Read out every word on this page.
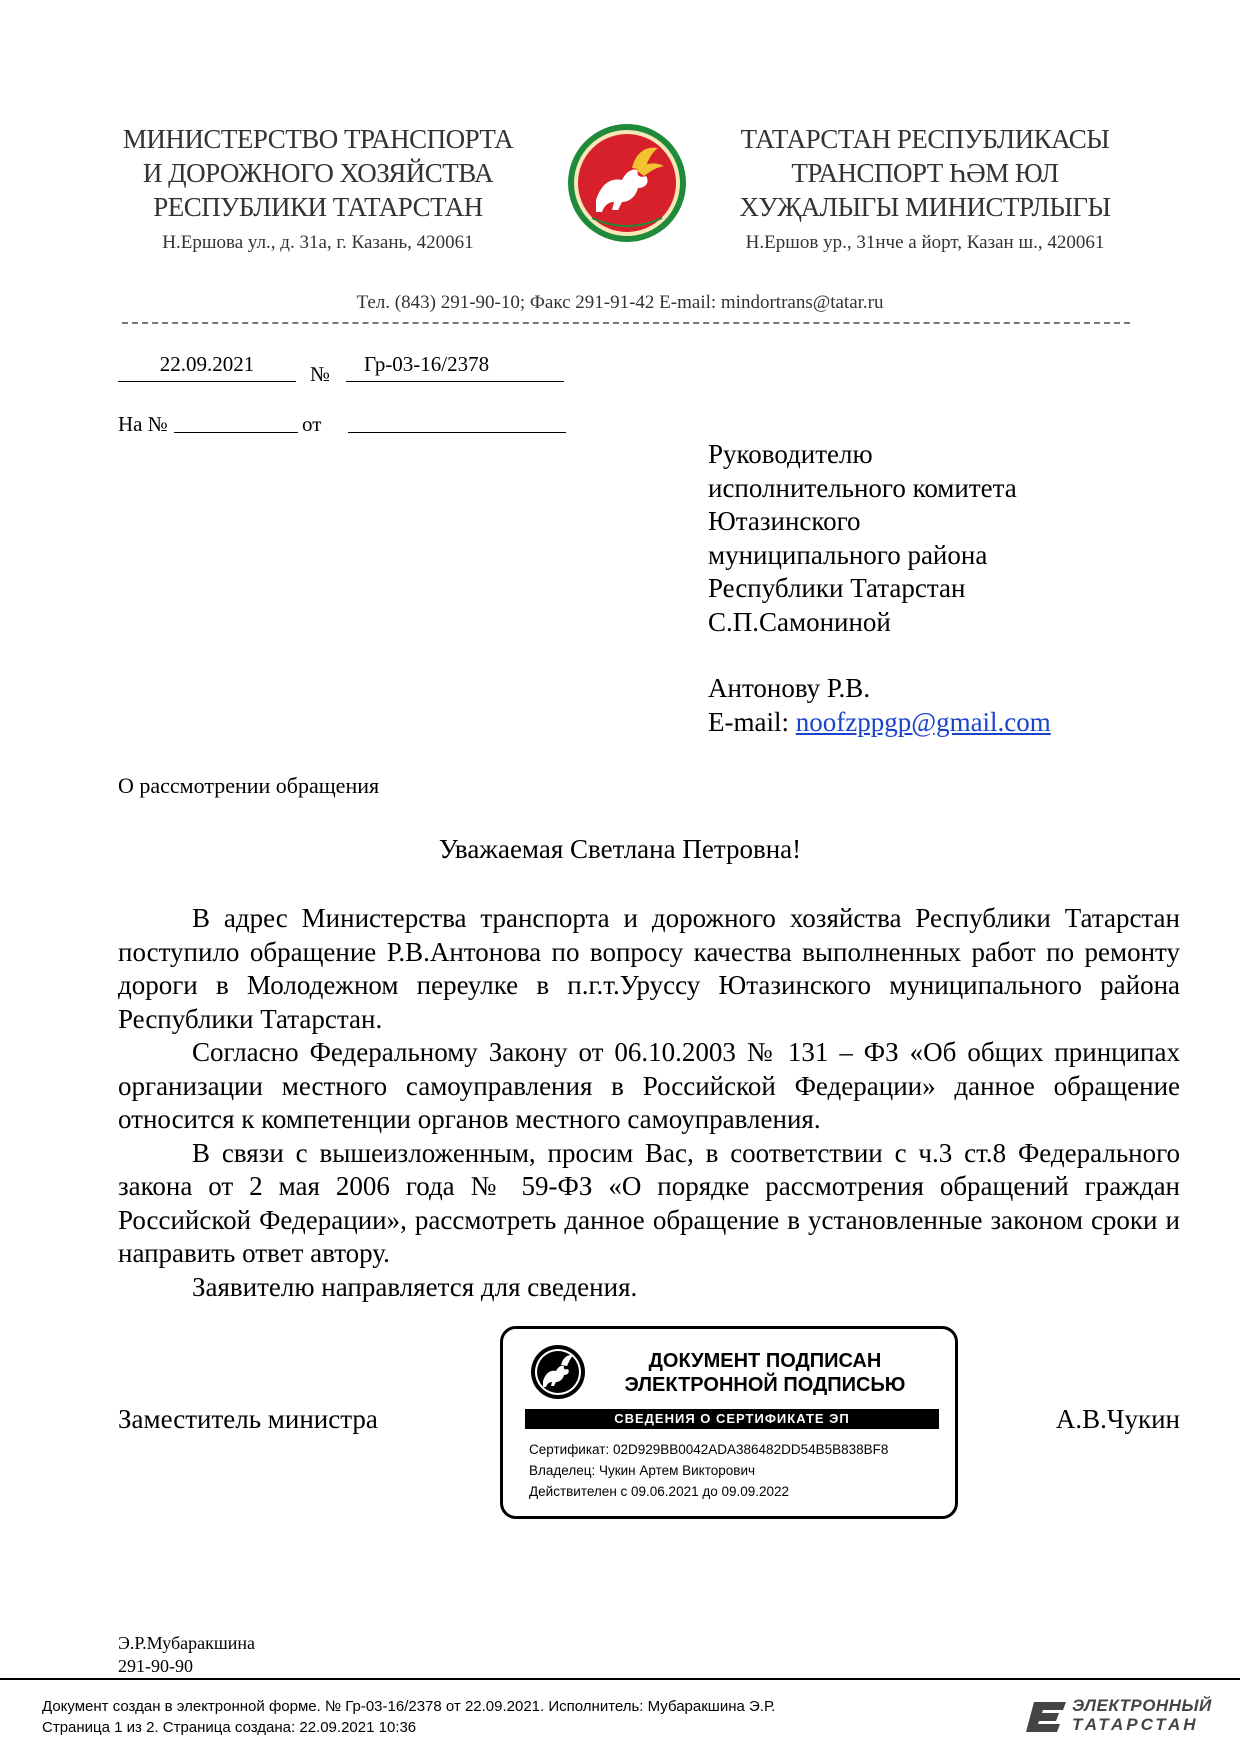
МИНИСТЕРСТВО ТРАНСПОРТА
И ДОРОЖНОГО ХОЗЯЙСТВА
РЕСПУБЛИКИ ТАТАРСТАН
Н.Ершова ул., д. 31а, г. Казань, 420061
ТАТАРСТАН РЕСПУБЛИКАСЫ
ТРАНСПОРТ ҺӘМ ЮЛ
ХУҖАЛЫГЫ МИНИСТРЛЫГЫ
Н.Ершов ур., 31нче а йорт, Казан ш., 420061
Тел. (843) 291-90-10; Факс 291-91-42 E-mail: mindortrans@tatar.ru
22.09.2021	№	Гр-03-16/2378
На №	от
Руководителю
исполнительного комитета
Ютазинского
муниципального района
Республики Татарстан
С.П.Самониной
Антонову Р.В.
E-mail: noofzppgp@gmail.com
О рассмотрении обращения
Уважаемая Светлана Петровна!

В адрес Министерства транспорта и дорожного хозяйства Республики Татарстан поступило обращение Р.В.Антонова по вопросу качества выполненных работ по ремонту дороги в Молодежном переулке в п.г.т.Уруссу Ютазинского муниципального района Республики Татарстан.

Согласно Федеральному Закону от 06.10.2003 № 131 – ФЗ «Об общих принципах организации местного самоуправления в Российской Федерации» данное обращение относится к компетенции органов местного самоуправления.

В связи с вышеизложенным, просим Вас, в соответствии с ч.3 ст.8 Федерального закона от 2 мая 2006 года № 59-ФЗ «О порядке рассмотрения обращений граждан Российской Федерации», рассмотреть данное обращение в установленные законом сроки и направить ответ автору.

Заявителю направляется для сведения.

Заместитель министра	А.В.Чукин
ДОКУМЕНТ ПОДПИСАН
ЭЛЕКТРОННОЙ ПОДПИСЬЮ
СВЕДЕНИЯ О СЕРТИФИКАТЕ ЭП
Сертификат: 02D929BB0042ADA386482DD54B5B838BF8
Владелец: Чукин Артем Викторович
Действителен с 09.06.2021 до 09.09.2022
Э.Р.Мубаракшина
291-90-90
Документ создан в электронной форме. № Гр-03-16/2378 от 22.09.2021. Исполнитель: Мубаракшина Э.Р.
Страница 1 из 2. Страница создана: 22.09.2021 10:36
ЭЛЕКТРОННЫЙ
ТАТАРСТАН
